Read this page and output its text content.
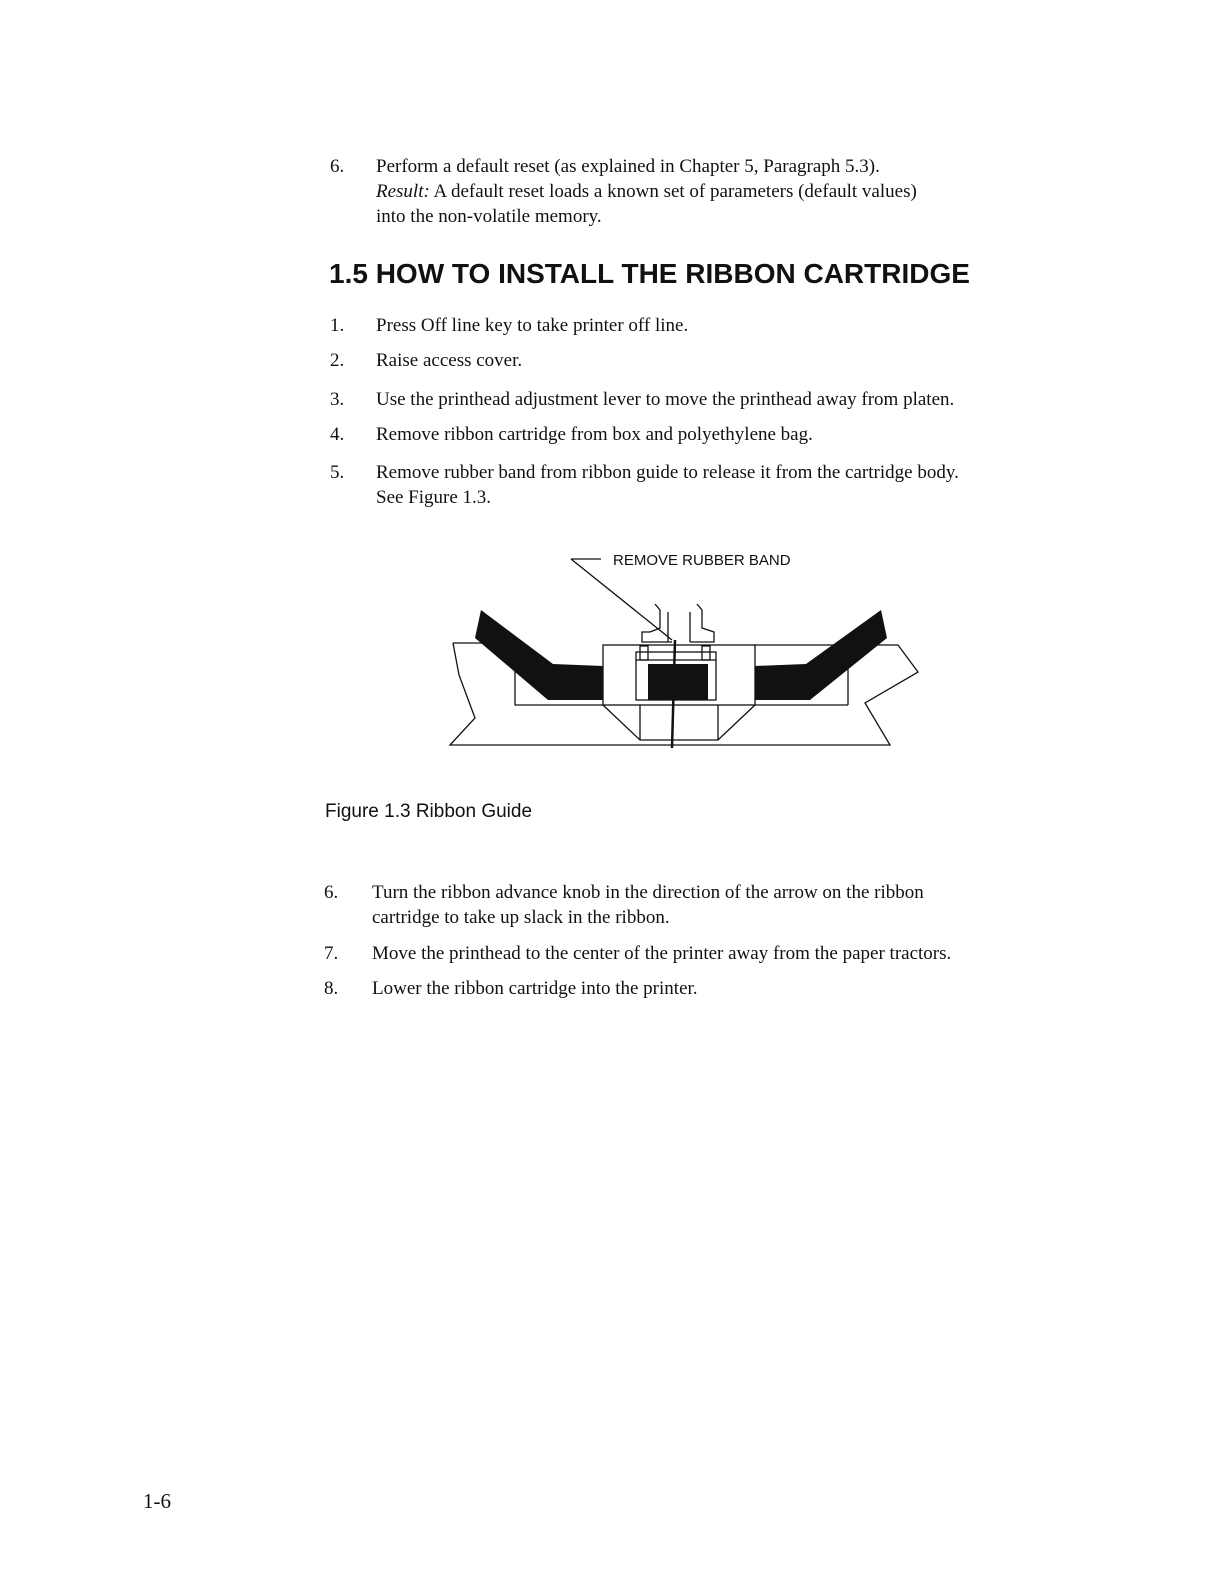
6. Perform a default reset (as explained in Chapter 5, Paragraph 5.3).
Result: A default reset loads a known set of parameters (default values)
into the non-volatile memory.
1.5 HOW TO INSTALL THE RIBBON CARTRIDGE
1. Press Off line key to take printer off line.
2. Raise access cover.
3. Use the printhead adjustment lever to move the printhead away from platen.
4. Remove ribbon cartridge from box and polyethylene bag.
5. Remove rubber band from ribbon guide to release it from the cartridge body.
See Figure 1.3.
REMOVE RUBBER BAND
Figure 1.3 Ribbon Guide
6. Turn the ribbon advance knob in the direction of the arrow on the ribbon
cartridge to take up slack in the ribbon.
7. Move the printhead to the center of the printer away from the paper tractors.
8. Lower the ribbon cartridge into the printer.
1-6
